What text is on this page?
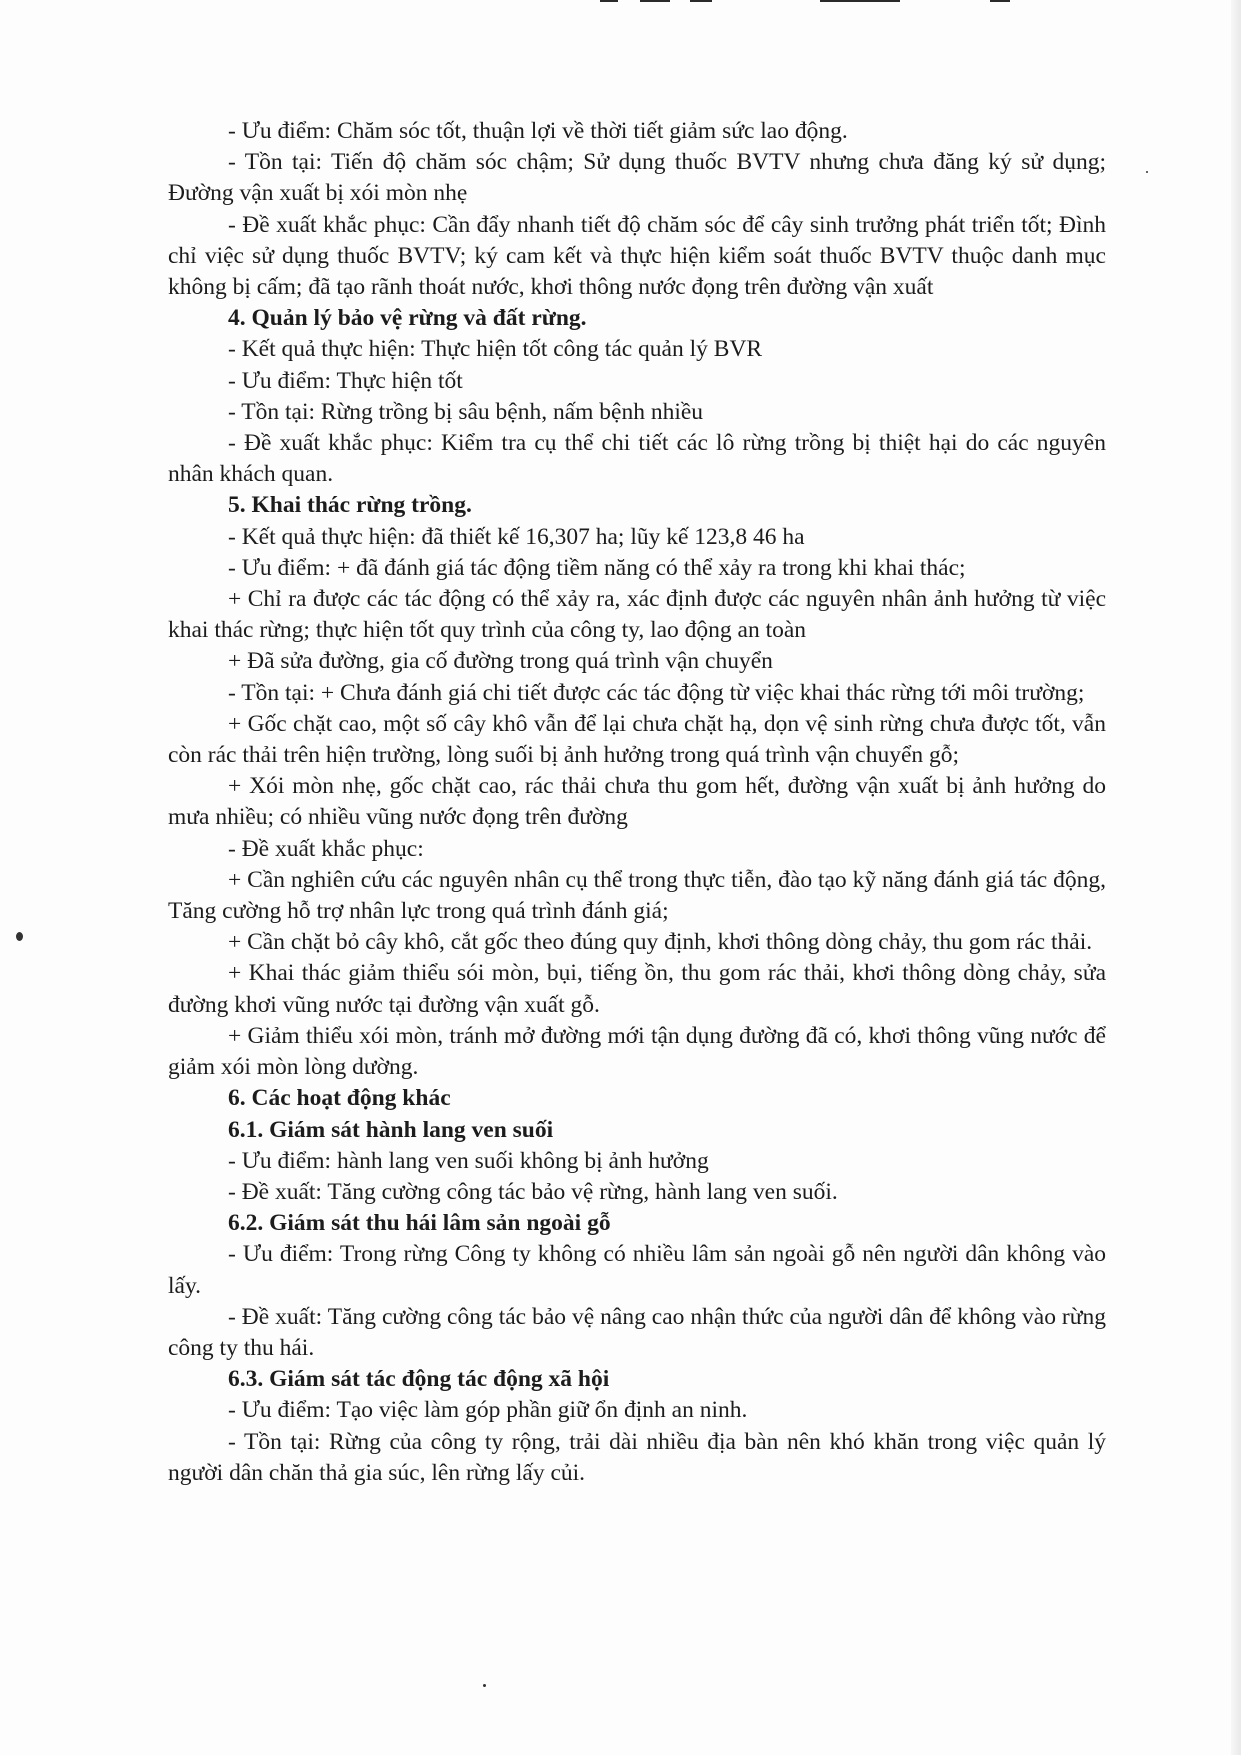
- Ưu điểm: Chăm sóc tốt, thuận lợi về thời tiết giảm sức lao động.

- Tồn tại: Tiến độ chăm sóc chậm; Sử dụng thuốc BVTV nhưng chưa đăng ký sử dụng; Đường vận xuất bị xói mòn nhẹ

- Đề xuất khắc phục: Cần đẩy nhanh tiết độ chăm sóc để cây sinh trưởng phát triển tốt; Đình chỉ việc sử dụng thuốc BVTV; ký cam kết và thực hiện kiểm soát thuốc BVTV thuộc danh mục không bị cấm; đã tạo rãnh thoát nước, khơi thông nước đọng trên đường vận xuất

4. Quản lý bảo vệ rừng và đất rừng.

- Kết quả thực hiện: Thực hiện tốt công tác quản lý BVR

- Ưu điểm: Thực hiện tốt

- Tồn tại: Rừng trồng bị sâu bệnh, nấm bệnh nhiều

- Đề xuất khắc phục: Kiểm tra cụ thể chi tiết các lô rừng trồng bị thiệt hại do các nguyên nhân khách quan.

5. Khai thác rừng trồng.

- Kết quả thực hiện: đã thiết kế 16,307 ha; lũy kế 123,8 46 ha

- Ưu điểm: + đã đánh giá tác động tiềm năng có thể xảy ra trong khi khai thác;

+ Chỉ ra được các tác động có thể xảy ra, xác định được các nguyên nhân ảnh hưởng từ việc khai thác rừng; thực hiện tốt quy trình của công ty, lao động an toàn

+ Đã sửa đường, gia cố đường trong quá trình vận chuyển

- Tồn tại: + Chưa đánh giá chi tiết được các tác động từ việc khai thác rừng tới môi trường;

+ Gốc chặt cao, một số cây khô vẫn để lại chưa chặt hạ, dọn vệ sinh rừng chưa được tốt, vẫn còn rác thải trên hiện trường, lòng suối bị ảnh hưởng trong quá trình vận chuyển gỗ;

+ Xói mòn nhẹ, gốc chặt cao, rác thải chưa thu gom hết, đường vận xuất bị ảnh hưởng do mưa nhiều; có nhiều vũng nước đọng trên đường

- Đề xuất khắc phục:

+ Cần nghiên cứu các nguyên nhân cụ thể trong thực tiễn, đào tạo kỹ năng đánh giá tác động, Tăng cường hỗ trợ nhân lực trong quá trình đánh giá;

+ Cần chặt bỏ cây khô, cắt gốc theo đúng quy định, khơi thông dòng chảy, thu gom rác thải.

+ Khai thác giảm thiểu sói mòn, bụi, tiếng ồn, thu gom rác thải, khơi thông dòng chảy, sửa đường khơi vũng nước tại đường vận xuất gỗ.

+ Giảm thiểu xói mòn, tránh mở đường mới tận dụng đường đã có, khơi thông vũng nước để giảm xói mòn lòng dường.

6. Các hoạt động khác

6.1. Giám sát hành lang ven suối

- Ưu điểm: hành lang ven suối không bị ảnh hưởng

- Đề xuất: Tăng cường công tác bảo vệ rừng, hành lang ven suối.

6.2. Giám sát thu hái lâm sản ngoài gỗ

- Ưu điểm: Trong rừng Công ty không có nhiều lâm sản ngoài gỗ nên người dân không vào lấy.

- Đề xuất: Tăng cường công tác bảo vệ nâng cao nhận thức của người dân để không vào rừng công ty thu hái.

6.3. Giám sát tác động tác động xã hội

- Ưu điểm: Tạo việc làm góp phần giữ ổn định an ninh.

- Tồn tại: Rừng của công ty rộng, trải dài nhiều địa bàn nên khó khăn trong việc quản lý người dân chăn thả gia súc, lên rừng lấy củi.
